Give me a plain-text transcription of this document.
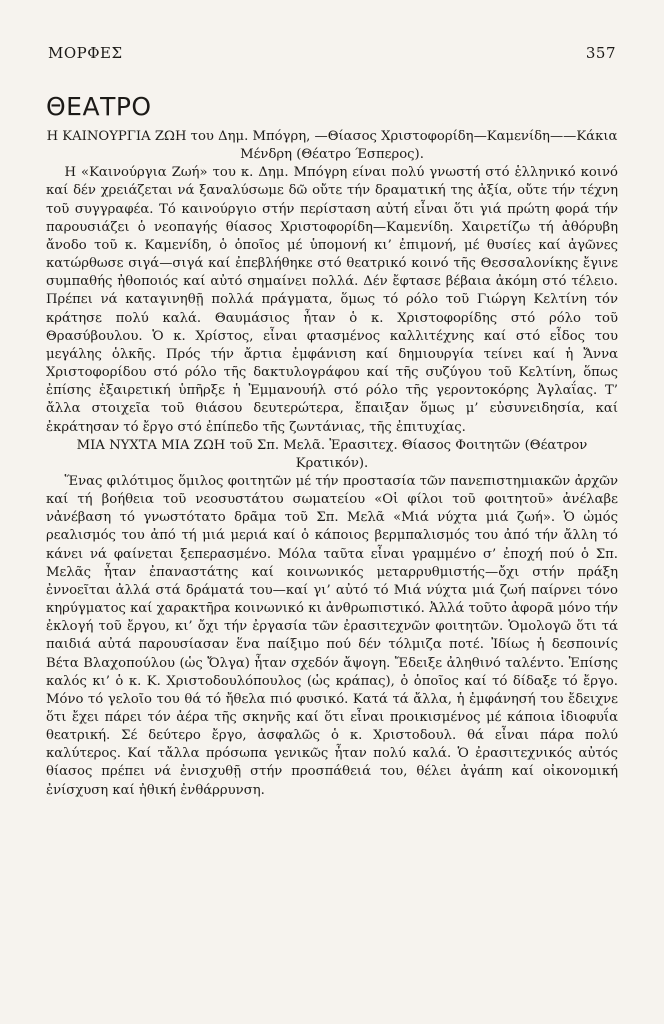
ΜΟΡΦΕΣ	357
ΘΕΑΤΡΟ

Η ΚΑΙΝΟΥΡΓΙΑ ΖΩΗ του Δημ. Μπόγρη, —Θίασος Χριστοφορίδη—Καμενίδη——Κάκια Μένδρη (Θέατρο Έσπερος).

Η «Καινούργια Ζωή» του κ. Δημ. Μπόγρη είναι πολύ γνωστή στό ἑλληνικό κοινό καί δέν χρειάζεται νά ξαναλύσωμε δῶ οὔτε τήν δραματική της ἀξία, οὔτε τήν τέχνη τοῦ συγγραφέα. Τό καινούργιο στήν περίσταση αὐτή εἶναι ὅτι γιά πρώτη φορά τήν παρουσιάζει ὁ νεοπαγής θίασος Χριστοφορίδη—Καμενίδη. Χαιρετίζω τή ἀθόρυβη ἄνοδο τοῦ κ. Καμενίδη, ὁ ὁποῖος μέ ὑπομονή κι’ ἐπιμονή, μέ θυσίες καί ἀγῶνες κατώρθωσε σιγά—σιγά καί ἐπεβλήθηκε στό θεατρικό κοινό τῆς Θεσσαλονίκης ἔγινε συμπαθής ἠθοποιός καί αὐτό σημαίνει πολλά. Δέν ἔφτασε βέβαια ἀκόμη στό τέλειο. Πρέπει νά καταγινηθῇ πολλά πράγματα, ὅμως τό ρόλο τοῦ Γιώργη Κελτίνη τόν κράτησε πολύ καλά. Θαυμάσιος ἦταν ὁ κ. Χριστοφορίδης στό ρόλο τοῦ Θρασύβουλου. Ὁ κ. Χρίστος, εἶναι φτασμένος καλλιτέχνης καί στό εἶδος του μεγάλης ὁλκῆς. Πρός τήν ἄρτια ἐμφάνιση καί δημιουργία τείνει καί ἡ Ἄννα Χριστοφορίδου στό ρόλο τῆς δακτυλογράφου καί τῆς συζύγου τοῦ Κελτίνη, ὅπως ἐπίσης ἐξαιρετική ὑπῆρξε ἡ Ἐμμανουήλ στό ρόλο τῆς γεροντοκόρης Ἀγλαΐας. Τ’ ἄλλα στοιχεῖα τοῦ θιάσου δευτερώτερα, ἔπαιξαν ὅμως μ’ εὐσυνειδησία, καί ἐκράτησαν τό ἔργο στό ἐπίπεδο τῆς ζωντάνιας, τῆς ἐπιτυχίας.

ΜΙΑ ΝΥΧΤΑ ΜΙΑ ΖΩΗ τοῦ Σπ. Μελᾶ. Ἐρασιτεχ. Θίασος Φοιτητῶν (Θέατρον Κρατικόν).

Ἕνας φιλότιμος ὅμιλος φοιτητῶν μέ τήν προστασία τῶν πανεπιστημιακῶν ἀρχῶν καί τή βοήθεια τοῦ νεοσυστάτου σωματείου «Οἱ φίλοι τοῦ φοιτητοῦ» ἀνέλαβε νἀνέβαση τό γνωστότατο δρᾶμα τοῦ Σπ. Μελᾶ «Μιά νύχτα μιά ζωή». Ὁ ὠμός ρεαλισμός του ἀπό τή μιά μεριά καί ὁ κάποιος βερμπαλισμός του ἀπό τήν ἄλλη τό κάνει νά φαίνεται ξεπερασμένο. Μόλα ταῦτα εἶναι γραμμένο σ’ ἐποχή πού ὁ Σπ. Μελᾶς ἦταν ἐπαναστάτης καί κοινωνικός μεταρρυθμιστής—ὄχι στήν πράξη ἐννοεῖται ἀλλά στά δράματά του—καί γι’ αὐτό τό Μιά νύχτα μιά ζωή παίρνει τόνο κηρύγματος καί χαρακτῆρα κοινωνικό κι ἀνθρωπιστικό. Ἀλλά τοῦτο ἀφορᾶ μόνο τήν ἐκλογή τοῦ ἔργου, κι’ ὄχι τήν ἐργασία τῶν ἐρασιτεχνῶν φοιτητῶν. Ὁμολογῶ ὅτι τά παιδιά αὐτά παρουσίασαν ἕνα παίξιμο πού δέν τόλμιζα ποτέ. Ἰδίως ἡ δεσποινίς Βέτα Βλαχοπούλου (ὡς Ὄλγα) ἦταν σχεδόν ἄψογη. Ἔδειξε ἀληθινό ταλέντο. Ἐπίσης καλός κι’ ὁ κ. Κ. Χριστοδουλόπουλος (ὡς κράπας), ὁ ὁποῖος καί τό δίδαξε τό ἔργο. Μόνο τό γελοῖο του θά τό ἤθελα πιό φυσικό. Κατά τά ἄλλα, ἡ ἐμφάνησή του ἔδειχνε ὅτι ἔχει πάρει τόν ἀέρα τῆς σκηνῆς καί ὅτι εἶναι προικισμένος μέ κάποια ἰδιοφυΐα θεατρική. Σέ δεύτερο ἔργο, ἀσφαλῶς ὁ κ. Χριστοδουλ. θά εἶναι πάρα πολύ καλύτερος. Καί τἄλλα πρόσωπα γενικῶς ἦταν πολύ καλά. Ὁ ἐρασιτεχνικός αὐτός θίασος πρέπει νά ἐνισχυθῇ στήν προσπάθειά του, θέλει ἀγάπη καί οἰκονομική ἐνίσχυση καί ἠθική ἐνθάρρυνση.
